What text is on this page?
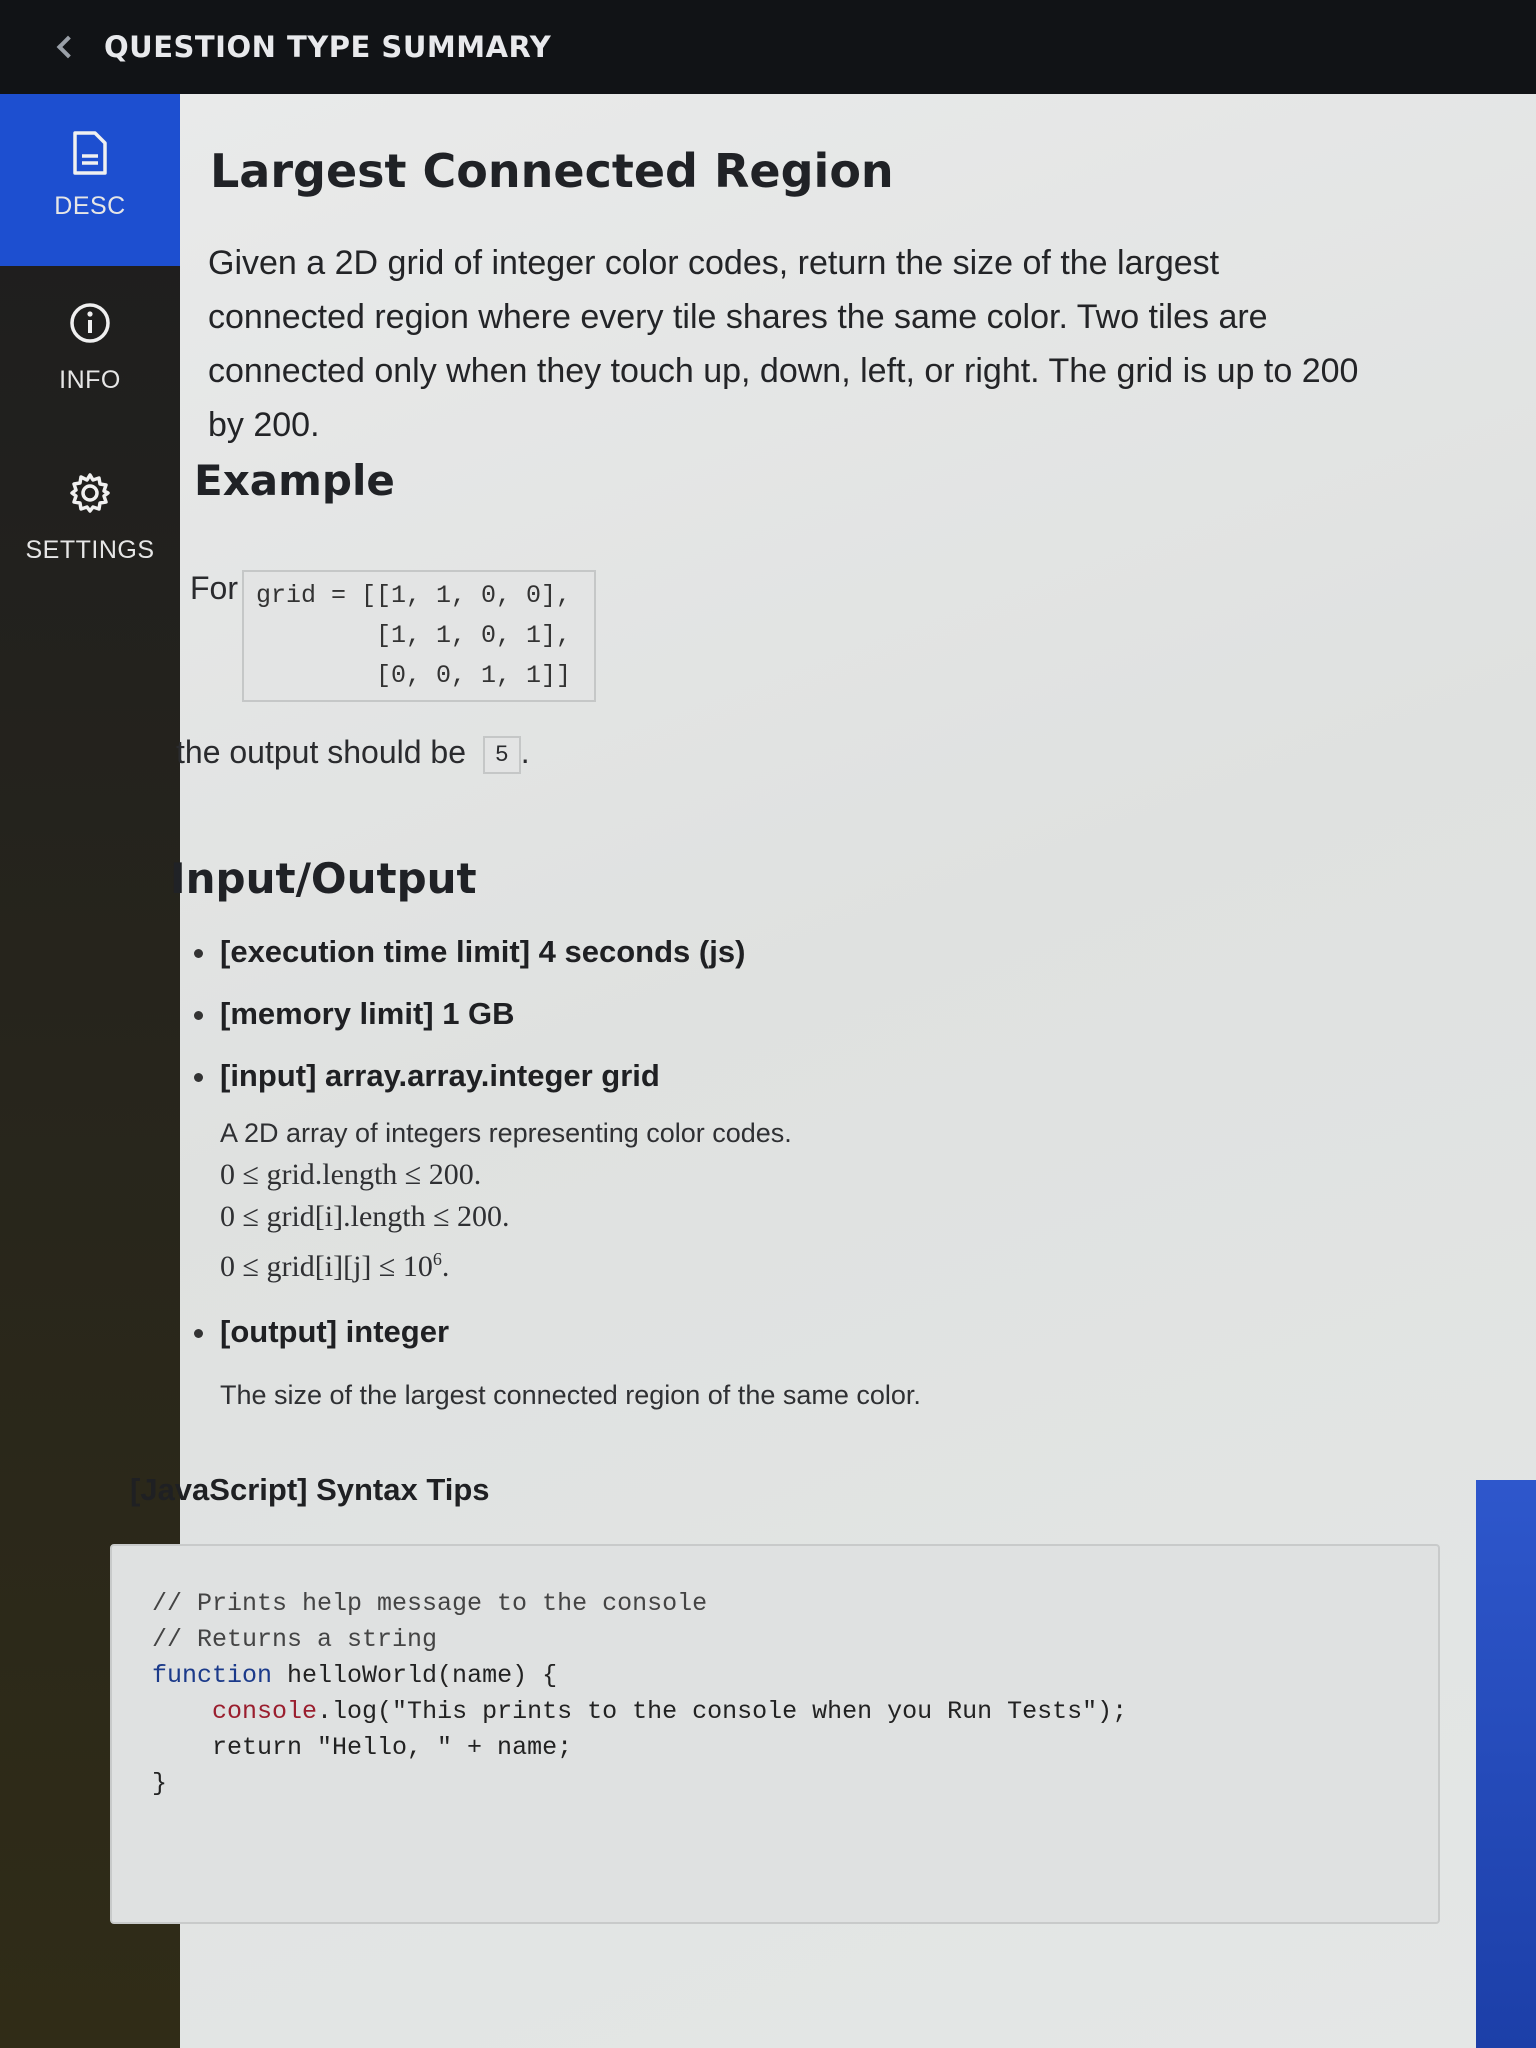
QUESTION TYPE SUMMARY
DESC
INFO
SETTINGS
Largest Connected Region

Given a 2D grid of integer color codes, return the size of the largest connected region where every tile shares the same color. Two tiles are connected only when they touch up, down, left, or right. The grid is up to 200 by 200.

Example
For grid = [[1, 1, 0, 0],
[1, 1, 0, 1],
[0, 0, 1, 1]]
the output should be 5 .
Input/Output
[execution time limit] 4 seconds (js)
[memory limit] 1 GB
[input] array.array.integer grid
A 2D array of integers representing color codes.
0 ≤ grid.length ≤ 200.
0 ≤ grid[i].length ≤ 200.
0 ≤ grid[i][j] ≤ $10^6$.
[output] integer
The size of the largest connected region of the same color.
[JavaScript] Syntax Tips
// Prints help message to the console
// Returns a string
function helloWorld(name) {
console.log("This prints to the console when you Run Tests");
return "Hello, " + name;
}
